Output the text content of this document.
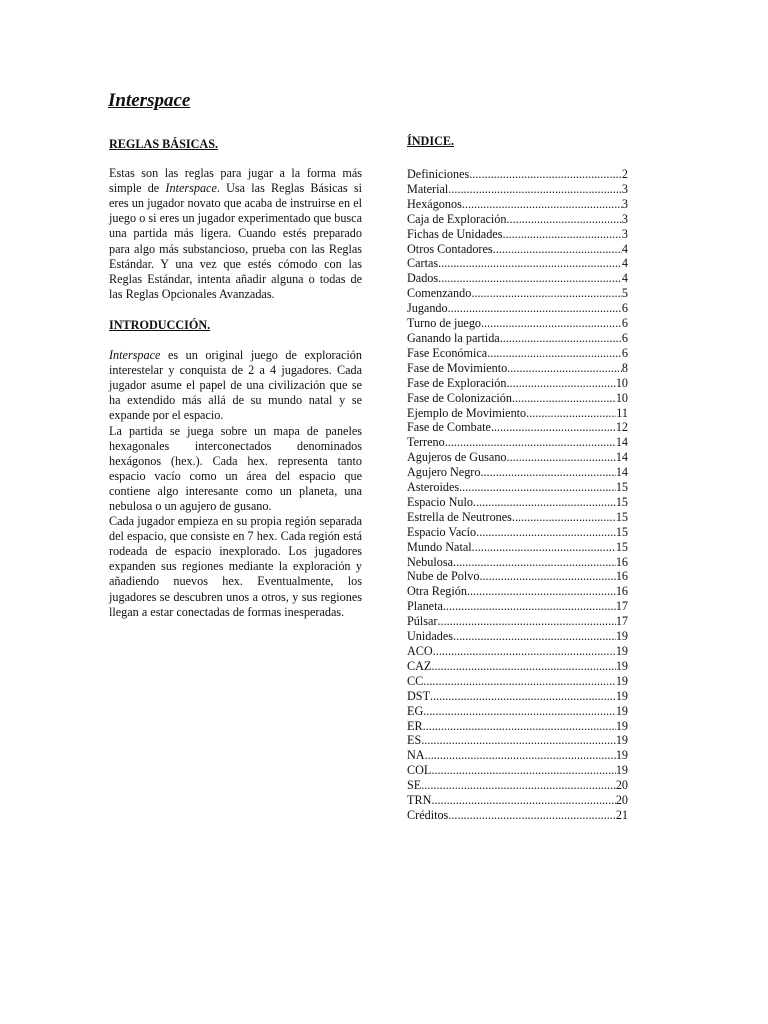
Interspace
REGLAS BÁSICAS.

Estas son las reglas para jugar a la forma más simple de Interspace. Usa las Reglas Básicas si eres un jugador novato que acaba de instruirse en el juego o si eres un jugador experimentado que busca una partida más ligera. Cuando estés preparado para algo más substancioso, prueba con las Reglas Estándar. Y una vez que estés cómodo con las Reglas Estándar, intenta añadir alguna o todas de las Reglas Opcionales Avanzadas.

INTRODUCCIÓN.

Interspace es un original juego de exploración interestelar y conquista de 2 a 4 jugadores. Cada jugador asume el papel de una civilización que se ha extendido más allá de su mundo natal y se expande por el espacio.

La partida se juega sobre un mapa de paneles hexagonales interconectados denominados hexágonos (hex.). Cada hex. representa tanto espacio vacío como un área del espacio que contiene algo interesante como un planeta, una nebulosa o un agujero de gusano.

Cada jugador empieza en su propia región separada del espacio, que consiste en 7 hex. Cada región está rodeada de espacio inexplorado. Los jugadores expanden sus regiones mediante la exploración y añadiendo nuevos hex. Eventualmente, los jugadores se descubren unos a otros, y sus regiones llegan a estar conectadas de formas inesperadas.

ÍNDICE.
Definiciones .....	2
Material .....	3
Hexágonos .....	3
Caja de Exploración .....	3
Fichas de Unidades .....	3
Otros Contadores .....	4
Cartas .....	4
Dados .....	4
Comenzando .....	5
Jugando .....	6
Turno de juego .....	6
Ganando la partida .....	6
Fase Económica .....	6
Fase de Movimiento .....	8
Fase de Exploración .....	10
Fase de Colonización .....	10
Ejemplo de Movimiento .....	11
Fase de Combate .....	12
Terreno .....	14
Agujeros de Gusano .....	14
Agujero Negro .....	14
Asteroides .....	15
Espacio Nulo .....	15
Estrella de Neutrones .....	15
Espacio Vacío .....	15
Mundo Natal .....	15
Nebulosa .....	16
Nube de Polvo .....	16
Otra Región .....	16
Planeta .....	17
Púlsar .....	17
Unidades .....	19
ACO .....	19
CAZ .....	19
CC .....	19
DST .....	19
EG .....	19
ER .....	19
ES .....	19
NA .....	19
COL .....	19
SE .....	20
TRN .....	20
Créditos .....	21
